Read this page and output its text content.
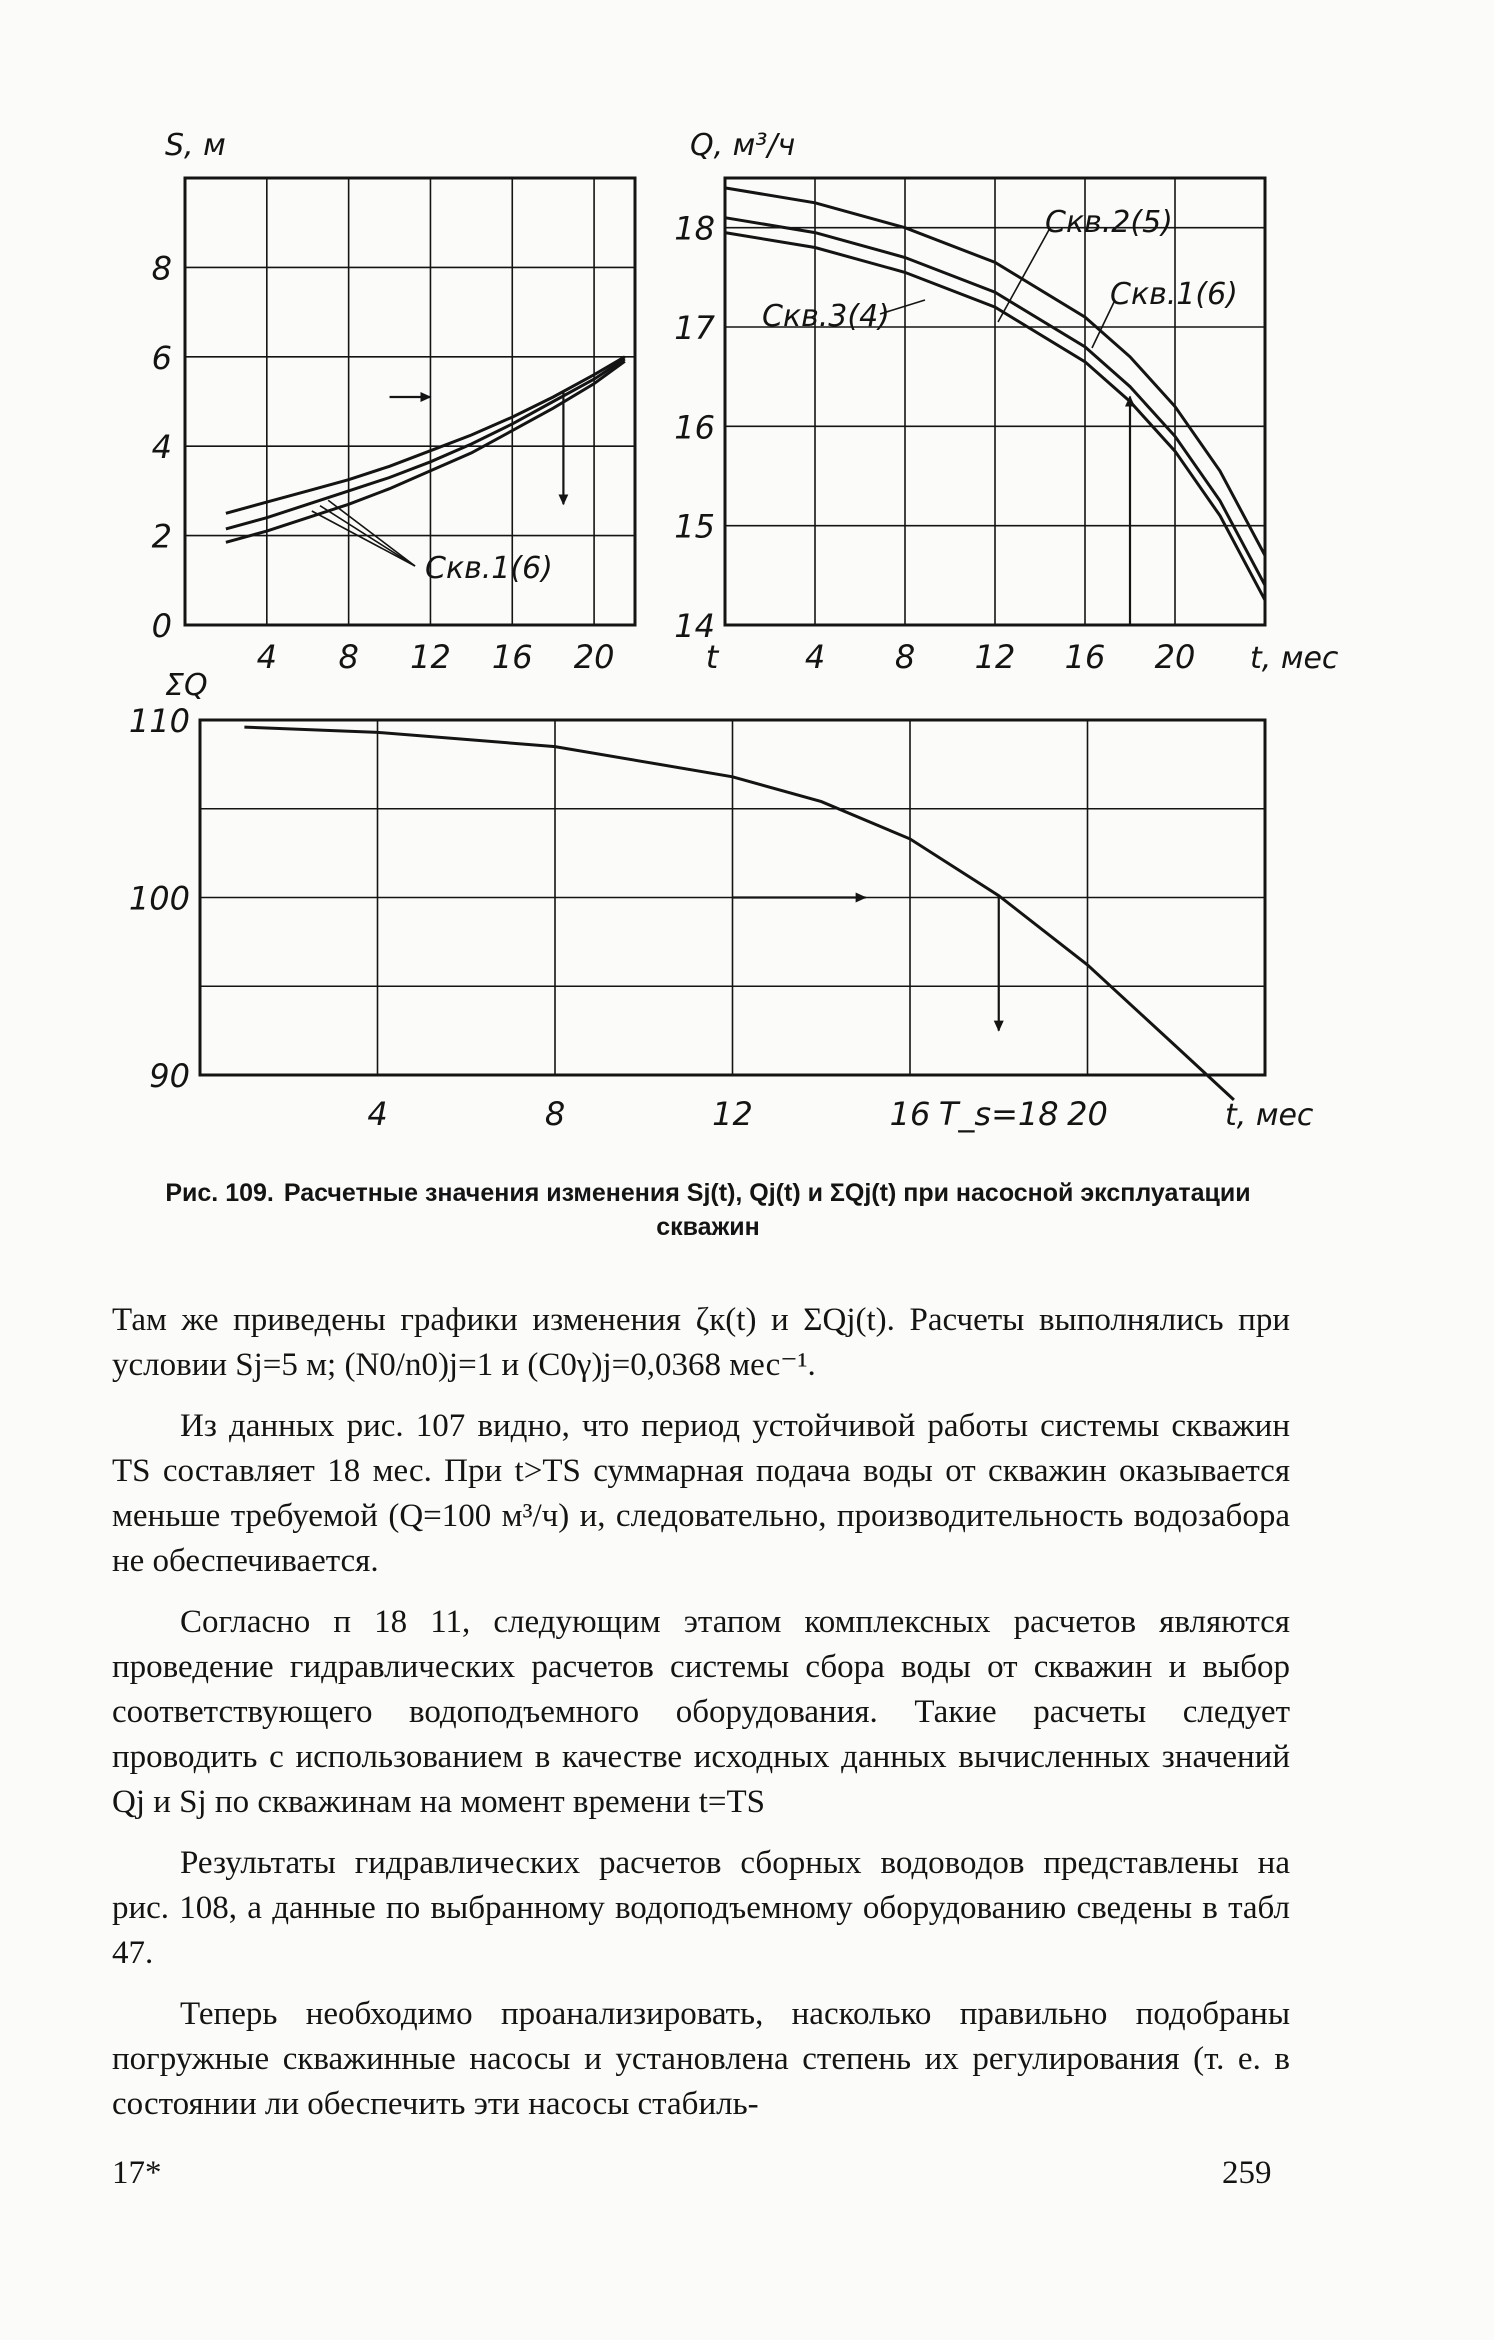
S, м
4 8 12 16 20
0
2
4
6
8
Q, м³/ч
4 8 12 16 20
14
15
16
17
18
t	t, мес
ΣQ
4	8	12	16 T_s=18 20
90
100
110
t, мес
Скв.1(6)
Скв.2(5)
Скв.1(6)
Скв.3(4)

Рис. 109. Расчетные значения изменения Sj(t), Qj(t) и ΣQj(t) при насосной эксплуатации скважин

Там же приведены графики изменения ζк(t) и ΣQj(t). Расчеты выполнялись при условии Sj=5 м; (N0/n0)j=1 и (C0γ)j=0,0368 мес⁻¹.

Из данных рис. 107 видно, что период устойчивой работы системы скважин TS составляет 18 мес. При t>TS суммарная подача воды от скважин оказывается меньше требуемой (Q=100 м³/ч) и, следовательно, производительность водозабора не обеспечивается.

Согласно п 18 11, следующим этапом комплексных расчетов являются проведение гидравлических расчетов системы сбора воды от скважин и выбор соответствующего водоподъемного оборудования. Такие расчеты следует проводить с использованием в качестве исходных данных вычисленных значений Qj и Sj по скважинам на момент времени t=TS

Результаты гидравлических расчетов сборных водоводов представлены на рис. 108, а данные по выбранному водоподъемному оборудованию сведены в табл 47.

Теперь необходимо проанализировать, насколько правильно подобраны погружные скважинные насосы и установлена степень их регулирования (т. е. в состоянии ли обеспечить эти насосы стабиль-

17*	259
